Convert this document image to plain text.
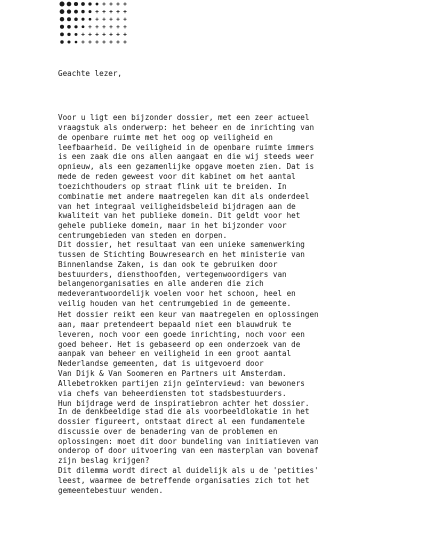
Geachte lezer,
Voor u ligt een bijzonder dossier, met een zeer actueel
vraagstuk als onderwerp: het beheer en de inrichting van
de openbare ruimte met het oog op veiligheid en
leefbaarheid. De veiligheid in de openbare ruimte immers
is een zaak die ons allen aangaat en die wij steeds weer
opnieuw, als een gezamenlijke opgave moeten zien. Dat is
mede de reden geweest voor dit kabinet om het aantal
toezichthouders op straat flink uit te breiden. In
combinatie met andere maatregelen kan dit als onderdeel
van het integraal veiligheidsbeleid bijdragen aan de
kwaliteit van het publieke domein. Dit geldt voor het
gehele publieke domein, maar in het bijzonder voor
centrumgebieden van steden en dorpen.
Dit dossier, het resultaat van een unieke samenwerking
tussen de Stichting Bouwresearch en het ministerie van
Binnenlandse Zaken, is dan ook te gebruiken door
bestuurders, diensthoofden, vertegenwoordigers van
belangenorganisaties en alle anderen die zich
medeverantwoordelijk voelen voor het schoon, heel en
veilig houden van het centrumgebied in de gemeente.
Het dossier reikt een keur van maatregelen en oplossingen
aan, maar pretendeert bepaald niet een blauwdruk te
leveren, noch voor een goede inrichting, noch voor een
goed beheer. Het is gebaseerd op een onderzoek van de
aanpak van beheer en veiligheid in een groot aantal
Nederlandse gemeenten, dat is uitgevoerd door
Van Dijk & Van Soomeren en Partners uit Amsterdam.
Allebetrokken partijen zijn geïnterviewd: van bewoners
via chefs van beheerdiensten tot stadsbestuurders.
Hun bijdrage werd de inspiratiebron achter het dossier.
In de denkbeeldige stad die als voorbeeldlokatie in het
dossier figureert, ontstaat direct al een fundamentele
discussie over de benadering van de problemen en
oplossingen: moet dit door bundeling van initiatieven van
onderop of door uitvoering van een masterplan van bovenaf
zijn beslag krijgen?
Dit dilemma wordt direct al duidelijk als u de 'petities'
leest, waarmee de betreffende organisaties zich tot het
gemeentebestuur wenden.
